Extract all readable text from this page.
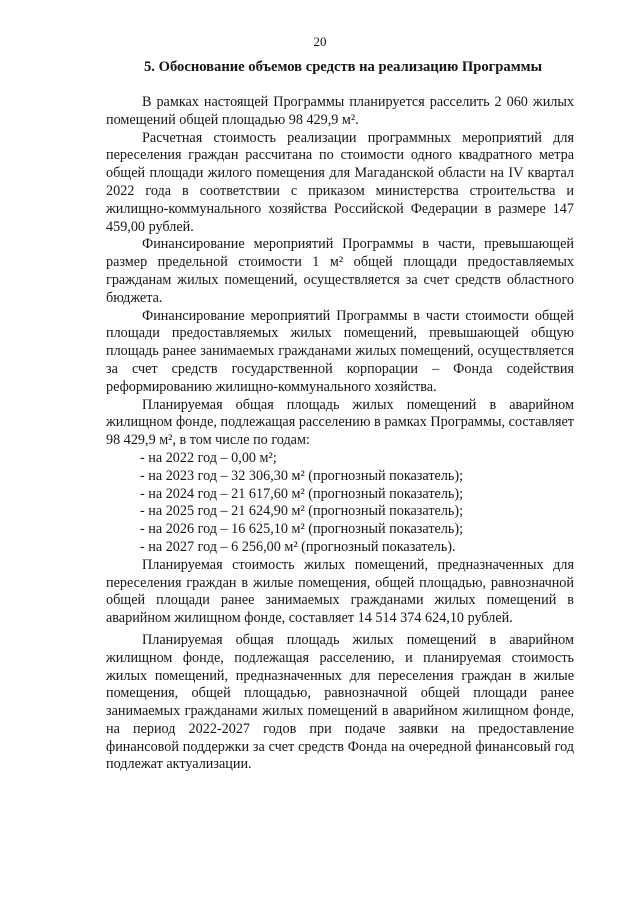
20
5. Обоснование объемов средств на реализацию Программы

В рамках настоящей Программы планируется расселить 2 060 жилых помещений общей площадью 98 429,9 м².

Расчетная стоимость реализации программных мероприятий для переселения граждан рассчитана по стоимости одного квадратного метра общей площади жилого помещения для Магаданской области на IV квартал 2022 года в соответствии с приказом министерства строительства и жилищно-коммунального хозяйства Российской Федерации в размере 147 459,00 рублей.

Финансирование мероприятий Программы в части, превышающей размер предельной стоимости 1 м² общей площади предоставляемых гражданам жилых помещений, осуществляется за счет средств областного бюджета.

Финансирование мероприятий Программы в части стоимости общей площади предоставляемых жилых помещений, превышающей общую площадь ранее занимаемых гражданами жилых помещений, осуществляется за счет средств государственной корпорации – Фонда содействия реформированию жилищно-коммунального хозяйства.

Планируемая общая площадь жилых помещений в аварийном жилищном фонде, подлежащая расселению в рамках Программы, составляет 98 429,9 м², в том числе по годам:

- на 2022 год – 0,00 м²;
- на 2023 год – 32 306,30 м² (прогнозный показатель);
- на 2024 год – 21 617,60 м² (прогнозный показатель);
- на 2025 год – 21 624,90 м² (прогнозный показатель);
- на 2026 год – 16 625,10 м² (прогнозный показатель);
- на 2027 год – 6 256,00 м² (прогнозный показатель).

Планируемая стоимость жилых помещений, предназначенных для переселения граждан в жилые помещения, общей площадью, равнозначной общей площади ранее занимаемых гражданами жилых помещений в аварийном жилищном фонде, составляет 14 514 374 624,10 рублей.

Планируемая общая площадь жилых помещений в аварийном жилищном фонде, подлежащая расселению, и планируемая стоимость жилых помещений, предназначенных для переселения граждан в жилые помещения, общей площадью, равнозначной общей площади ранее занимаемых гражданами жилых помещений в аварийном жилищном фонде, на период 2022-2027 годов при подаче заявки на предоставление финансовой поддержки за счет средств Фонда на очередной финансовый год подлежат актуализации.
